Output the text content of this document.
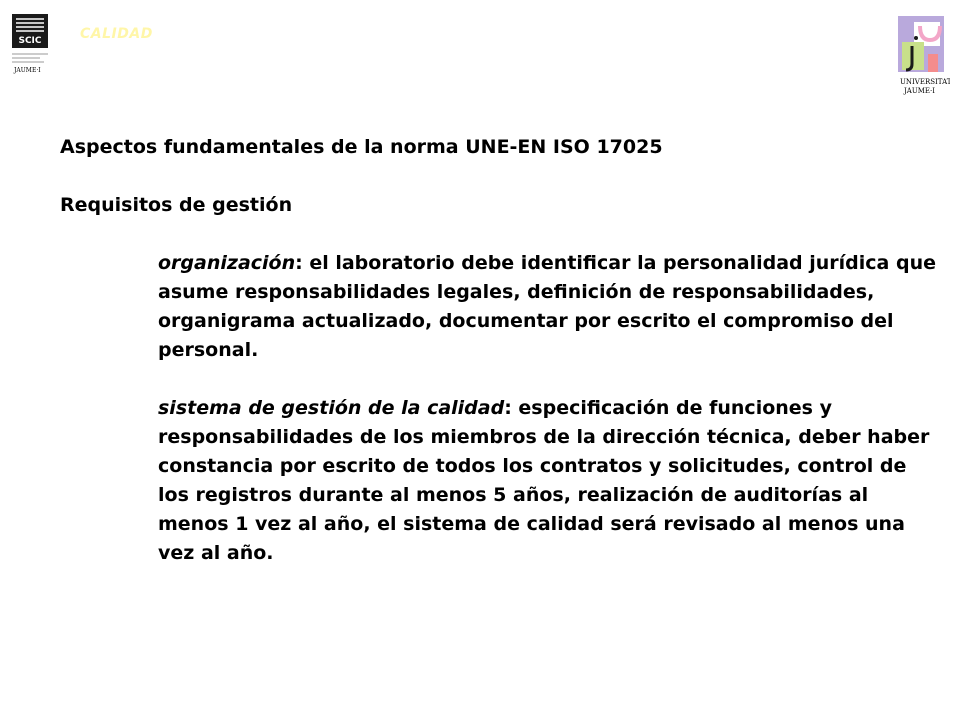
SCIC
JAUME·I
CALIDAD
UNIVERSITAT
JAUME·I
Aspectos fundamentales de la norma UNE-EN ISO 17025
Requisitos de gestión

organización: el laboratorio debe identificar la personalidad jurídica que asume responsabilidades legales, definición de responsabilidades, organigrama actualizado, documentar por escrito el compromiso del personal.

sistema de gestión de la calidad: especificación de funciones y responsabilidades de los miembros de la dirección técnica, deber haber constancia por escrito de todos los contratos y solicitudes, control de los registros durante al menos 5 años, realización de auditorías al menos 1 vez al año, el sistema de calidad será revisado al menos una vez al año.
